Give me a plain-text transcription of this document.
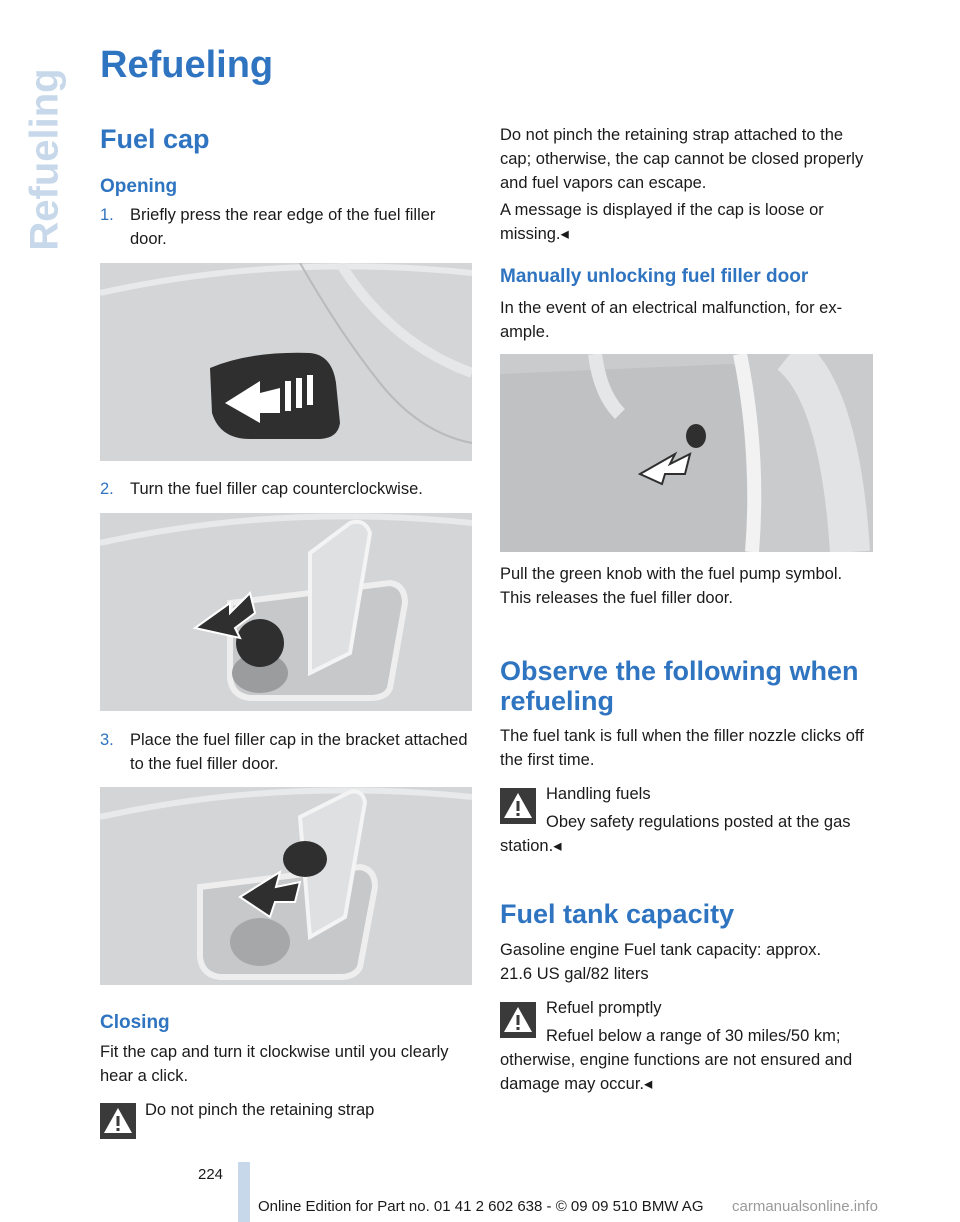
Refueling
Refueling
Fuel cap
Opening
1. Briefly press the rear edge of the fuel filler door.
2. Turn the fuel filler cap counterclockwise.
3. Place the fuel filler cap in the bracket attached to the fuel filler door.
Closing
Fit the cap and turn it clockwise until you clearly hear a click.
Do not pinch the retaining strap
Do not pinch the retaining strap attached to the cap; otherwise, the cap cannot be closed properly and fuel vapors can escape.
A message is displayed if the cap is loose or missing.◂
Manually unlocking fuel filler door
In the event of an electrical malfunction, for example.
Pull the green knob with the fuel pump symbol. This releases the fuel filler door.
Observe the following when refueling
The fuel tank is full when the filler nozzle clicks off the first time.
Handling fuels
Obey safety regulations posted at the gas
station.◂
Fuel tank capacity
Gasoline engine Fuel tank capacity: approx. 21.6 US gal/82 liters
Refuel promptly
Refuel below a range of 30 miles/50 km;
otherwise, engine functions are not ensured and damage may occur.◂
224
Online Edition for Part no. 01 41 2 602 638 - © 09 09 510 BMW AG carmanualsonline.info
